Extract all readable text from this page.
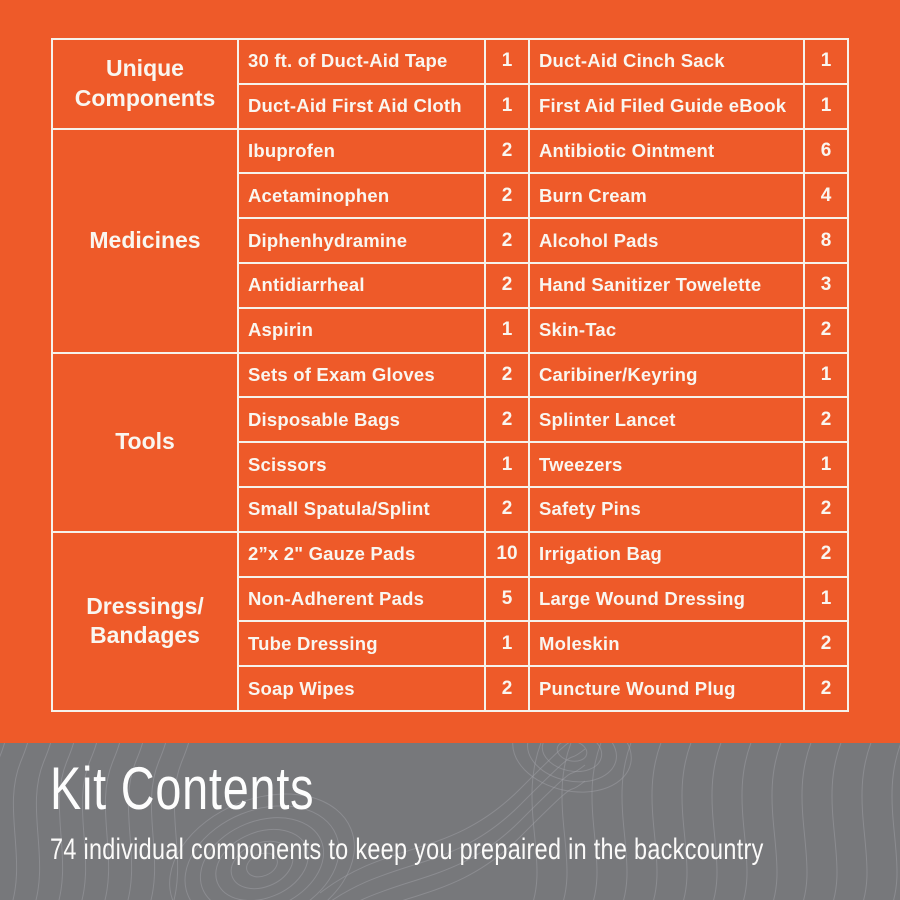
Unique Components
30 ft. of Duct-Aid Tape	1	Duct-Aid Cinch Sack	1
Duct-Aid First Aid Cloth	1	First Aid Filed Guide eBook	1
Medicines
Ibuprofen	2	Antibiotic Ointment	6
Acetaminophen	2	Burn Cream	4
Diphenhydramine	2	Alcohol Pads	8
Antidiarrheal	2	Hand Sanitizer Towelette	3
Aspirin	1	Skin-Tac	2
Tools
Sets of Exam Gloves	2	Caribiner/Keyring	1
Disposable Bags	2	Splinter Lancet	2
Scissors	1	Tweezers	1
Small Spatula/Splint	2	Safety Pins	2
Dressings/ Bandages
2”x 2" Gauze Pads	10	Irrigation Bag	2
Non-Adherent Pads	5	Large Wound Dressing	1
Tube Dressing	1	Moleskin	2
Soap Wipes	2	Puncture Wound Plug	2
Kit Contents
74 individual components to keep you prepaired in the backcountry
